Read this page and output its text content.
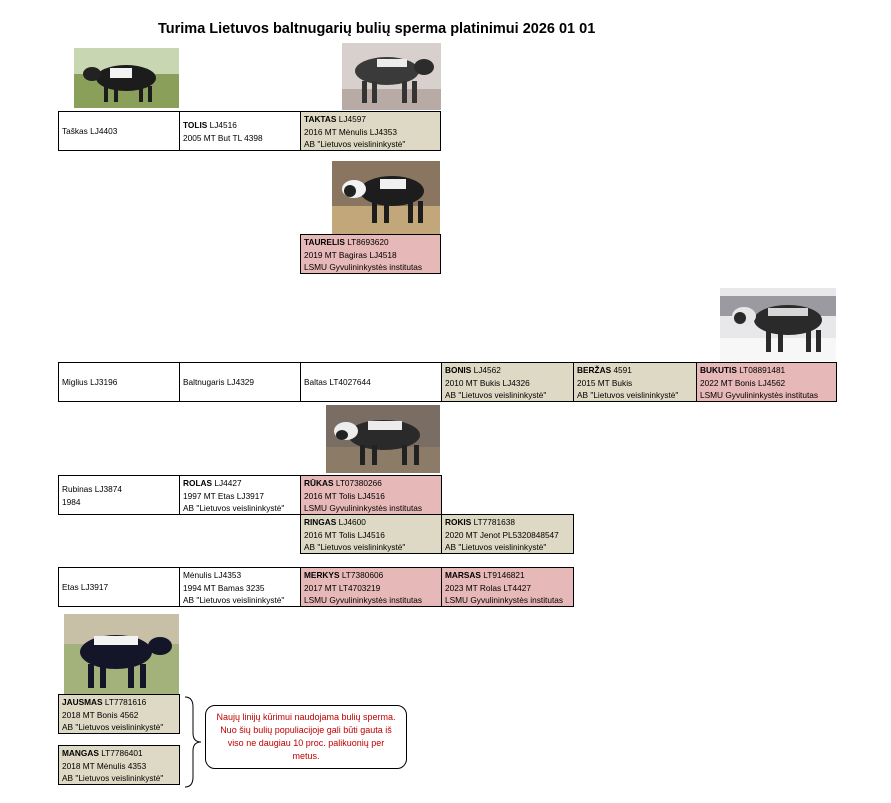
Turima Lietuvos baltnugarių bulių sperma platinimui 2026 01 01
Taškas LJ4403
TOLIS LJ4516
2005 MT But TL 4398
TAKTAS LJ4597
2016 MT Mėnulis LJ4353
AB "Lietuvos veislininkystė"
TAURELIS LT8693620
2019 MT Bagiras LJ4518
LSMU Gyvulininkystės institutas
Miglius LJ3196	Baltnugaris LJ4329	Baltas LT4027644
BONIS LJ4562
2010 MT Bukis LJ4326
AB "Lietuvos veislininkystė"
BERŽAS 4591
2015 MT Bukis
AB "Lietuvos veislininkystė"
BUKUTIS LT08891481
2022 MT Bonis LJ4562
LSMU Gyvulininkystės institutas
Rubinas LJ3874
1984
ROLAS LJ4427
1997 MT Etas LJ3917
AB "Lietuvos veislininkystė"
RŪKAS LT07380266
2016 MT Tolis LJ4516
LSMU Gyvulininkystės institutas
RINGAS LJ4600
2016 MT Tolis LJ4516
AB "Lietuvos veislininkystė"
ROKIS LT7781638
2020 MT Jenot PL5320848547
AB "Lietuvos veislininkystė"
Etas LJ3917
Mėnulis LJ4353
1994 MT Bamas 3235
AB "Lietuvos veislininkystė"
MERKYS LT7380606
2017 MT LT4703219
LSMU Gyvulininkystės institutas
MARSAS LT9146821
2023 MT Rolas LT4427
LSMU Gyvulininkystės institutas
JAUSMAS LT7781616
2018 MT Bonis 4562
AB "Lietuvos veislininkystė"
MANGAS LT7786401
2018 MT Mėnulis 4353
AB "Lietuvos veislininkystė"
Naujų linijų kūrimui naudojama bulių sperma. Nuo šių bulių populiacijoje gali būti gauta iš viso ne daugiau 10 proc. palikuonių per metus.
